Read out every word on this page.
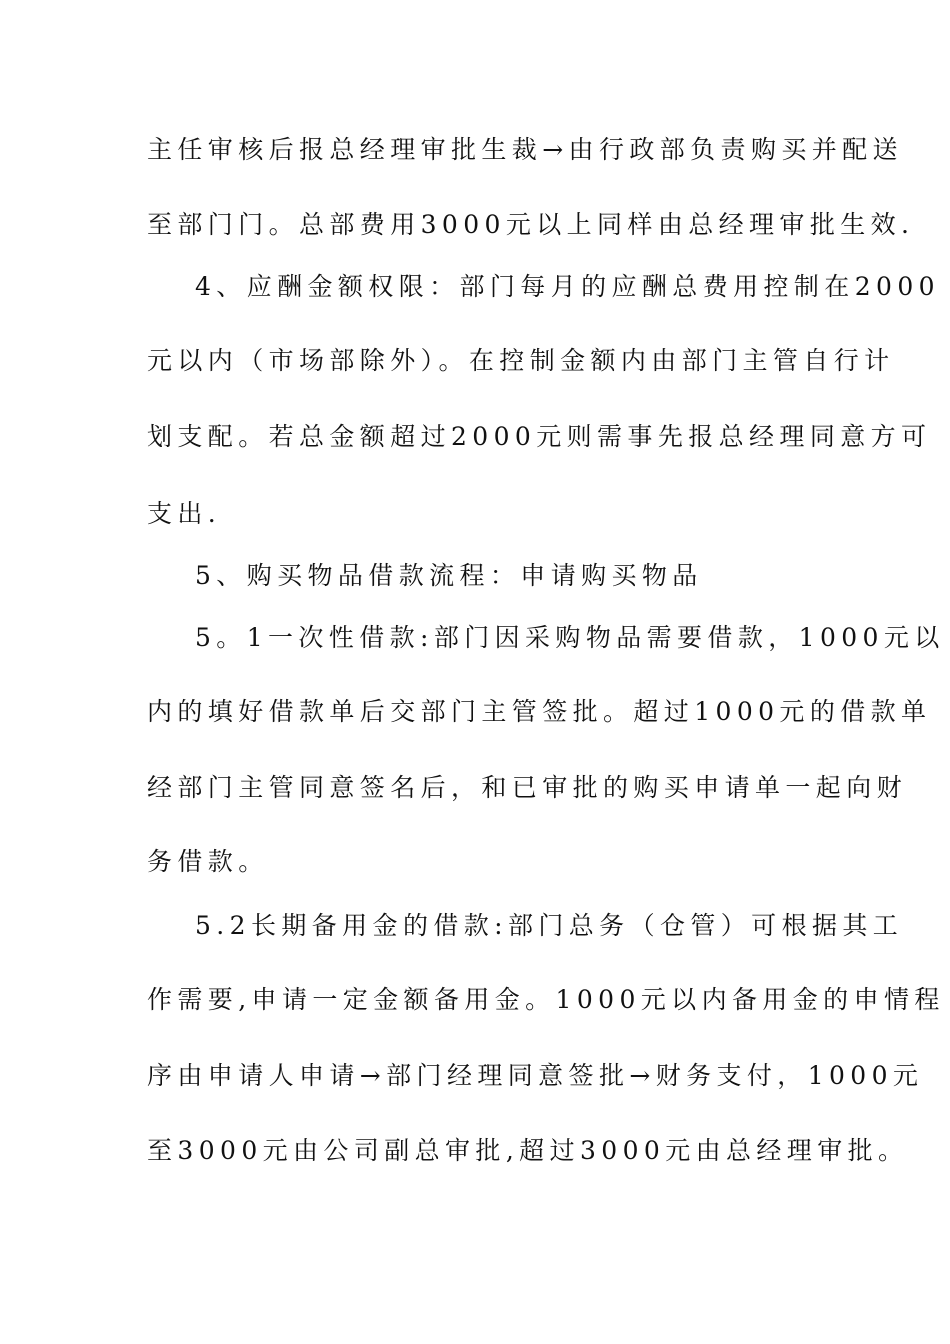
主任审核后报总经理审批生裁→由行政部负责购买并配送
至部门门。总部费用3000元以上同样由总经理审批生效.
4、应酬金额权限：部门每月的应酬总费用控制在2000
元以内（市场部除外）。在控制金额内由部门主管自行计
划支配。若总金额超过2000元则需事先报总经理同意方可
支出.
5、购买物品借款流程：申请购买物品
5。1一次性借款:部门因采购物品需要借款，1000元以
内的填好借款单后交部门主管签批。超过1000元的借款单
经部门主管同意签名后，和已审批的购买申请单一起向财
务借款。
5.2长期备用金的借款:部门总务（仓管）可根据其工
作需要,申请一定金额备用金。1000元以内备用金的申情程
序由申请人申请→部门经理同意签批→财务支付，1000元
至3000元由公司副总审批,超过3000元由总经理审批。
